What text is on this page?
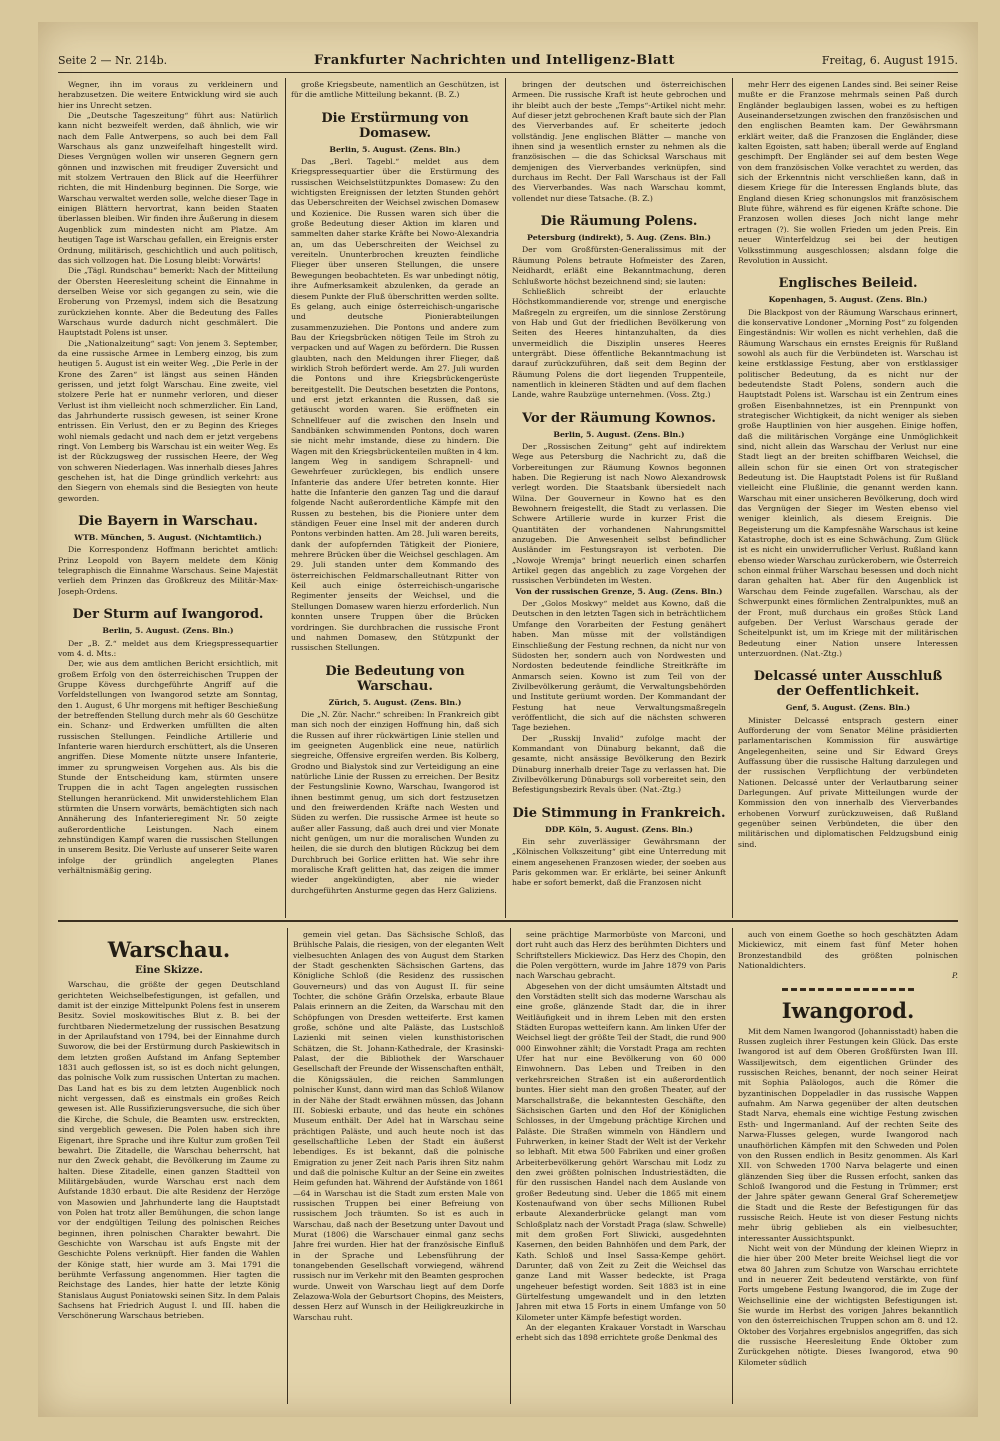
Seite 2 — Nr. 214b.	Frankfurter Nachrichten und Intelligenz-Blatt	Freitag, 6. August 1915.

Wegner, ihn im voraus zu verkleinern und herabzusetzen. Die weitere Entwicklung wird sie auch hier ins Unrecht setzen.

Die „Deutsche Tageszeitung“ führt aus: Natürlich kann nicht bezweifelt werden, daß ähnlich, wie wir nach dem Falle Antwerpens, so auch bei dem Fall Warschaus als ganz unzweifelhaft hingestellt wird. Dieses Vergnügen wollen wir unseren Gegnern gern gönnen und inzwischen mit freudiger Zuversicht und mit stolzem Vertrauen den Blick auf die Heerführer richten, die mit Hindenburg beginnen. Die Sorge, wie Warschau verwaltet werden solle, welche dieser Tage in einigen Blättern hervortrat, kann beiden Staaten überlassen bleiben. Wir finden ihre Äußerung in diesem Augenblick zum mindesten nicht am Platze. Am heutigen Tage ist Warschau gefallen, ein Ereignis erster Ordnung, militärisch, geschichtlich und auch politisch, das sich vollzogen hat. Die Losung bleibt: Vorwärts!

Die „Tägl. Rundschau“ bemerkt: Nach der Mitteilung der Obersten Heeresleitung scheint die Einnahme in derselben Weise vor sich gegangen zu sein, wie die Eroberung von Przemysl, indem sich die Besatzung zurückziehen konnte. Aber die Bedeutung des Falles Warschaus wurde dadurch nicht geschmälert. Die Hauptstadt Polens ist unser.

Die „Nationalzeitung“ sagt: Von jenem 3. September, da eine russische Armee in Lemberg einzog, bis zum heutigen 5. August ist ein weiter Weg. „Die Perle in der Krone des Zaren“ ist längst aus seinen Händen gerissen, und jetzt folgt Warschau. Eine zweite, viel stolzere Perle hat er nunmehr verloren, und dieser Verlust ist ihm vielleicht noch schmerzlicher. Ein Land, das Jahrhunderte russisch gewesen, ist seiner Krone entrissen. Ein Verlust, den er zu Beginn des Krieges wohl niemals gedacht und nach dem er jetzt vergebens ringt. Von Lemberg bis Warschau ist ein weiter Weg. Es ist der Rückzugsweg der russischen Heere, der Weg von schweren Niederlagen. Was innerhalb dieses Jahres geschehen ist, hat die Dinge gründlich verkehrt: aus den Siegern von ehemals sind die Besiegten von heute geworden.

Die Bayern in Warschau.
WTB. München, 5. August. (Nichtamtlich.)

Die Korrespondenz Hoffmann berichtet amtlich: Prinz Leopold von Bayern meldete dem König telegraphisch die Einnahme Warschaus. Seine Majestät verlieh dem Prinzen das Großkreuz des Militär-Max-Joseph-Ordens.

Der Sturm auf Iwangorod.
Berlin, 5. August. (Zens. Bln.)

Der „B. Z.“ meldet aus dem Kriegspressequartier vom 4. d. Mts.:

Der, wie aus dem amtlichen Bericht ersichtlich, mit großem Erfolg von den österreichischen Truppen der Gruppe Kövess durchgeführte Angriff auf die Vorfeldstellungen von Iwangorod setzte am Sonntag, den 1. August, 6 Uhr morgens mit heftiger Beschießung der betreffenden Stellung durch mehr als 60 Geschütze ein. Schanz- und Erdwerken umfüllten die alten russischen Stellungen. Feindliche Artillerie und Infanterie waren hierdurch erschüttert, als die Unseren angriffen. Diese Momente nützte unsere Infanterie, immer zu sprungweisen Vorgehen aus. Als bis die Stunde der Entscheidung kam, stürmten unsere Truppen die in acht Tagen angelegten russischen Stellungen heranrückend. Mit unwiderstehlichem Elan stürmten die Unsern vorwärts, bemächtigten sich nach Annäherung des Infanterieregiment Nr. 50 zeigte außerordentliche Leistungen. Nach einem zehnstündigen Kampf waren die russischen Stellungen in unserem Besitz. Die Verluste auf unserer Seite waren infolge der gründlich angelegten Planes verhältnismäßig gering.

große Kriegsbeute, namentlich an Geschützen, ist für die amtliche Mitteilung bekannt. (B. Z.)

Die Erstürmung von Domasew.
Berlin, 5. August. (Zens. Bln.)

Das „Berl. Tagebl.“ meldet aus dem Kriegspressequartier über die Erstürmung des russischen Weichselstützpunktes Domasew: Zu den wichtigsten Ereignissen der letzten Stunden gehört das Ueberschreiten der Weichsel zwischen Domasew und Kozienice. Die Russen waren sich über die große Bedeutung dieser Aktion im klaren und sammelten daher starke Kräfte bei Nowo-Alexandria an, um das Ueberschreiten der Weichsel zu vereiteln. Ununterbrochen kreuzten feindliche Flieger über unseren Stellungen, die unsere Bewegungen beobachteten. Es war unbedingt nötig, ihre Aufmerksamkeit abzulenken, da gerade an diesem Punkte der Fluß überschritten werden sollte. Es gelang, auch einige österreichisch-ungarische und deutsche Pionierabteilungen zusammenzuziehen. Die Pontons und andere zum Bau der Kriegsbrücken nötigen Teile im Stroh zu verpacken und auf Wagen zu befördern. Die Russen glaubten, nach den Meldungen ihrer Flieger, daß wirklich Stroh befördert werde. Am 27. Juli wurden die Pontons und ihre Kriegsbrückengerüste bereitgestellt. Die Deutschen besetzten die Pontons, und erst jetzt erkannten die Russen, daß sie getäuscht worden waren. Sie eröffneten ein Schnellfeuer auf die zwischen den Inseln und Sandbänken schwimmenden Pontons, doch waren sie nicht mehr imstande, diese zu hindern. Die Wagen mit den Kriegsbrückenteilen mußten in 4 km. langem Weg in sandigem Schrapnell- und Gewehrfeuer zurücklegen, bis endlich unsere Infanterie das andere Ufer betreten konnte. Hier hatte die Infanterie den ganzen Tag und die darauf folgende Nacht außerordentliche Kämpfe mit den Russen zu bestehen, bis die Pioniere unter dem ständigen Feuer eine Insel mit der anderen durch Pontons verbinden hatten. Am 28. Juli waren bereits, dank der aufopfernden Tätigkeit der Pioniere, mehrere Brücken über die Weichsel geschlagen. Am 29. Juli standen unter dem Kommando des österreichischen Feldmarschalleutnant Ritter von Keil auch einige österreichisch-ungarische Regimenter jenseits der Weichsel, und die Stellungen Domasew waren hierzu erforderlich. Nun konnten unsere Truppen über die Brücken vordringen. Sie durchbrachen die russische Front und nahmen Domasew, den Stützpunkt der russischen Stellungen.

Die Bedeutung von Warschau.
Zürich, 5. August. (Zens. Bln.)

Die „N. Zür. Nachr.“ schreiben: In Frankreich gibt man sich noch der einzigen Hoffnung hin, daß sich die Russen auf ihrer rückwärtigen Linie stellen und im geeigneten Augenblick eine neue, natürlich siegreiche, Offensive ergreifen werden. Bis Kolberg, Grodno und Bialystok sind zur Verteidigung an eine natürliche Linie der Russen zu erreichen. Der Besitz der Festungslinie Kowno, Warschau, Iwangorod ist ihnen bestimmt genug, um sich dort festzusetzen und den freiwerdenden Kräfte nach Westen und Süden zu werfen. Die russische Armee ist heute so außer aller Fassung, daß auch drei und vier Monate nicht genügen, um nur die moralischen Wunden zu heilen, die sie durch den blutigen Rückzug bei dem Durchbruch bei Gorlice erlitten hat. Wie sehr ihre moralische Kraft gelitten hat, das zeigen die immer wieder angekündigten, aber nie wieder durchgeführten Ansturme gegen das Herz Galiziens.

bringen der deutschen und österreichischen Armeen. Die russische Kraft ist heute gebrochen und ihr bleibt auch der beste „Temps“-Artikel nicht mehr. Auf dieser jetzt gebrochenen Kraft baute sich der Plan des Vierverbandes auf. Er scheiterte jedoch vollständig. Jene englischen Blätter — manche von ihnen sind ja wesentlich ernster zu nehmen als die französischen — die das Schicksal Warschaus mit demjenigen des Vierverbandes verknüpfen, sind durchaus im Recht. Der Fall Warschaus ist der Fall des Vierverbandes. Was nach Warschau kommt, vollendet nur diese Tatsache. (B. Z.)

Die Räumung Polens.
Petersburg (indirekt), 5. Aug. (Zens. Bln.)

Der vom Großfürsten-Generalissimus mit der Räumung Polens betraute Hofmeister des Zaren, Neidhardt, erläßt eine Bekanntmachung, deren Schlußworte höchst bezeichnend sind; sie lauten:

Schließlich schreibt der erlauchte Höchstkommandierende vor, strenge und energische Maßregeln zu ergreifen, um die sinnlose Zerstörung von Hab und Gut der friedlichen Bevölkerung von Seiten des Heeres hintanzuhalten, da dies unvermeidlich die Disziplin unseres Heeres untergräbt. Diese öffentliche Bekanntmachung ist darauf zurückzuführen, daß seit dem Beginn der Räumung Polens die dort liegenden Truppenteile, namentlich in kleineren Städten und auf dem flachen Lande, wahre Raubzüge unternehmen. (Voss. Ztg.)

Vor der Räumung Kownos.
Berlin, 5. August. (Zens. Bln.)

Der „Rossischen Zeitung“ geht auf indirektem Wege aus Petersburg die Nachricht zu, daß die Vorbereitungen zur Räumung Kownos begonnen haben. Die Regierung ist nach Nowo Alexandrowsk verlegt worden. Die Staatsbank übersiedelt nach Wilna. Der Gouverneur in Kowno hat es den Bewohnern freigestellt, die Stadt zu verlassen. Die Schwere Artillerie wurde in kurzer Frist die Quantitäten der vorhandenen Nahrungsmittel anzugeben. Die Anwesenheit selbst befindlicher Ausländer im Festungsrayon ist verboten. Die „Nowoje Wremja“ bringt neuerlich einen scharfen Artikel gegen das angeblich zu zage Vorgehen der russischen Verbündeten im Westen.

Von der russischen Grenze, 5. Aug. (Zens. Bln.)

Der „Golos Moskwy“ meldet aus Kowno, daß die Deutschen in den letzten Tagen sich in beträchtlichem Umfange den Vorarbeiten der Festung genähert haben. Man müsse mit der vollständigen Einschließung der Festung rechnen, da nicht nur von Südosten her, sondern auch von Nordwesten und Nordosten bedeutende feindliche Streitkräfte im Anmarsch seien. Kowno ist zum Teil von der Zivilbevölkerung geräumt, die Verwaltungsbehörden und Institute gerüumt worden. Der Kommandant der Festung hat neue Verwaltungsmaßregeln veröffentlicht, die sich auf die nächsten schweren Tage beziehen.

Der „Russkij Invalid“ zufolge macht der Kommandant von Dünaburg bekannt, daß die gesamte, nicht ansässige Bevölkerung den Bezirk Dünaburg innerhalb dreier Tage zu verlassen hat. Die Zivilbevölkerung Dünaburgs soll vorbereitet sein, den Befestigungsbezirk Revals über. (Nat.-Ztg.)

Die Stimmung in Frankreich.
DDP. Köln, 5. August. (Zens. Bln.)

Ein sehr zuverlässiger Gewährsmann der „Kölnischen Volkszeitung“ gibt eine Unterredung mit einem angesehenen Franzosen wieder, der soeben aus Paris gekommen war. Er erklärte, bei seiner Ankunft habe er sofort bemerkt, daß die Franzosen nicht

mehr Herr des eigenen Landes sind. Bei seiner Reise mußte er die Franzose mehrmals seinen Paß durch Engländer beglaubigen lassen, wobei es zu heftigen Auseinandersetzungen zwischen den französischen und den englischen Beamten kam. Der Gewährsmann erklärt weiter, daß die Franzosen die Engländer, diese kalten Egoisten, satt haben; überall werde auf England geschimpft. Der Engländer sei auf dem besten Wege von dem französischen Volke verachtet zu werden, das sich der Erkenntnis nicht verschließen kann, daß in diesem Kriege für die Interessen Englands blute, das England diesen Krieg schonungslos mit französischem Blute führe, während es für eigenen Kräfte schone. Die Franzosen wollen dieses Joch nicht lange mehr ertragen (?). Sie wollen Frieden um jeden Preis. Ein neuer Winterfeldzug sei bei der heutigen Volksstimmung ausgeschlossen; alsdann folge die Revolution in Aussicht.

Englisches Beileid.
Kopenhagen, 5. August. (Zens. Bln.)

Die Blackpost von der Räumung Warschaus erinnert, die konservative Londoner „Morning Post“ zu folgenden Eingeständnis: Wir wollen es nicht verhehlen, daß die Räumung Warschaus ein ernstes Ereignis für Rußland sowohl als auch für die Verbündeten ist. Warschau ist keine erstklassige Festung, aber von erstklassiger politischer Bedeutung, da es nicht nur der bedeutendste Stadt Polens, sondern auch die Hauptstadt Polens ist. Warschau ist ein Zentrum eines großen Eisenbahnnetzes, ist ein Prennpunkt von strategischer Wichtigkeit, da nicht weniger als sieben große Hauptlinien von hier ausgehen. Einige hoffen, daß die militärischen Vorgänge eine Unmöglichkeit sind, nicht allein das Warschau der Verlust nur eine Stadt liegt an der breiten schiffbaren Weichsel, die allein schon für sie einen Ort von strategischer Bedeutung ist. Die Hauptstadt Polens ist für Rußland vielleicht eine Flußlinie, die genannt werden kann. Warschau mit einer unsicheren Bevölkerung, doch wird das Vergnügen der Sieger im Westen ebenso viel weniger kleinlich, als diesem Ereignis. Die Begeisterung um die Kampfesnähe Warschaus ist keine Katastrophe, doch ist es eine Schwächung. Zum Glück ist es nicht ein unwiderruflicher Verlust. Rußland kann ebenso wieder Warschau zurückerobern, wie Österreich schon einmal früher Warschau besessen und doch nicht daran gehalten hat. Aber für den Augenblick ist Warschau dem Feinde zugefallen. Warschau, als der Schwerpunkt eines förmlichen Zentralpunktes, muß an der Front, muß durchaus ein großes Stück Land aufgeben. Der Verlust Warschaus gerade der Scheitelpunkt ist, um im Kriege mit der militärischen Bedeutung einer Nation unsere Interessen unterzuordnen. (Nat.-Ztg.)

Delcassé unter Ausschluß
der Oeffentlichkeit.
Genf, 5. August. (Zens. Bln.)

Minister Delcassé entsprach gestern einer Aufforderung der vom Senator Méline präsidierten parlamentarischen Kommission für auswärtige Angelegenheiten, seine und Sir Edward Greys Auffassung über die russische Haltung darzulegen und der russischen Verpflichtung der verbündeten Nationen. Delcassé unter der Verlautbarung seiner Darlegungen. Auf private Mitteilungen wurde der Kommission den von innerhalb des Vierverbandes erhobenen Vorwurf zurückzuweisen, daß Rußland gegenüber seinen Verbündeten, die über den militärischen und diplomatischen Feldzugsbund einig sind.

Warschau.
Eine Skizze.

Warschau, die größte der gegen Deutschland gerichteten Weichselbefestigungen, ist gefallen, und damit ist der einzige Mittelpunkt Polens fest in unserem Besitz. Soviel moskowitisches Blut z. B. bei der furchtbaren Niedermetzelung der russischen Besatzung in der Aprilaufstand von 1794, bei der Einnahme durch Suworow, die bei der Erstürmung durch Paskiewitsch in dem letzten großen Aufstand im Anfang September 1831 auch geflossen ist, so ist es doch nicht gelungen, das polnische Volk zum russischen Untertan zu machen. Das Land hat es bis zu dem letzten Augenblick noch nicht vergessen, daß es einstmals ein großes Reich gewesen ist. Alle Russifizierungsversuche, die sich über die Kirche, die Schule, die Beamten usw. erstreckten, sind vergeblich gewesen. Die Polen haben sich ihre Eigenart, ihre Sprache und ihre Kultur zum großen Teil bewahrt. Die Zitadelle, die Warschau beherrscht, hat nur den Zweck gehabt, die Bevölkerung im Zaume zu halten. Diese Zitadelle, einen ganzen Stadtteil von Militärgebäuden, wurde Warschau erst nach dem Aufstande 1830 erbaut. Die alte Residenz der Herzöge von Masowien und Jahrhunderte lang die Hauptstadt von Polen hat trotz aller Bemühungen, die schon lange vor der endgültigen Teilung des polnischen Reiches beginnen, ihren polnischen Charakter bewahrt. Die Geschichte von Warschau ist aufs Engste mit der Geschichte Polens verknüpft. Hier fanden die Wahlen der Könige statt, hier wurde am 3. Mai 1791 die berühmte Verfassung angenommen. Hier tagten die Reichstage des Landes, hier hatte der letzte König Stanislaus August Poniatowski seinen Sitz. In dem Palais Sachsens hat Friedrich August I. und III. haben die Verschönerung Warschaus betrieben.

gemein viel getan. Das Sächsische Schloß, das Brühlsche Palais, die riesigen, von der eleganten Welt vielbesuchten Anlagen des von August dem Starken der Stadt geschenkten Sächsischen Gartens, das Königliche Schloß (die Residenz des russischen Gouverneurs) und das von August II. für seine Tochter, die schöne Gräfin Orzelska, erbaute Blaue Palais erinnern an die Zeiten, da Warschau mit den Schöpfungen von Dresden wetteiferte. Erst kamen große, schöne und alte Paläste, das Lustschloß Lazienki mit seinen vielen kunsthistorischen Schätzen, die St. Johann-Kathedrale, der Krasinski-Palast, der die Bibliothek der Warschauer Gesellschaft der Freunde der Wissenschaften enthält, die Königssäulen, die reichen Sammlungen polnischer Kunst, dann wird man das Schloß Wilanow in der Nähe der Stadt erwähnen müssen, das Johann III. Sobieski erbaute, und das heute ein schönes Museum enthält. Der Adel hat in Warschau seine prächtigen Paläste, und auch heute noch ist das gesellschaftliche Leben der Stadt ein äußerst lebendiges. Es ist bekannt, daß die polnische Emigration zu jener Zeit nach Paris ihren Sitz nahm und daß die polnische Kultur an der Seine ein zweites Heim gefunden hat. Während der Aufstände von 1861—64 in Warschau ist die Stadt zum ersten Male von russischen Truppen bei einer Befreiung von russischem Joch träumten. So ist es auch in Warschau, daß nach der Besetzung unter Davout und Murat (1806) die Warschauer einmal ganz sechs Jahre frei wurden. Hier hat der französische Einfluß in der Sprache und Lebensführung der tonangebenden Gesellschaft vorwiegend, während russisch nur im Verkehr mit den Beamten gesprochen wurde. Unweit von Warschau liegt auf dem Dorfe Zelazowa-Wola der Geburtsort Chopins, des Meisters, dessen Herz auf Wunsch in der Heiligkreuzkirche in Warschau ruht.

seine prächtige Marmorbüste von Marconi, und dort ruht auch das Herz des berühmten Dichters und Schriftstellers Mickiewicz. Das Herz des Chopin, den die Polen vergöttern, wurde im Jahre 1879 von Paris nach Warschau gebracht.

Abgesehen von der dicht umsäumten Altstadt und den Vorstädten stellt sich das moderne Warschau als eine große, glänzende Stadt dar, die in ihrer Weitläufigkeit und in ihrem Leben mit den ersten Städten Europas wetteifern kann. Am linken Ufer der Weichsel liegt der größte Teil der Stadt, die rund 900 000 Einwohner zählt; die Vorstadt Praga am rechten Ufer hat nur eine Bevölkerung von 60 000 Einwohnern. Das Leben und Treiben in den verkehrsreichen Straßen ist ein außerordentlich buntes. Hier sieht man den großen Theater, auf der Marschallstraße, die bekanntesten Geschäfte, den Sächsischen Garten und den Hof der Königlichen Schlosses, in der Umgebung prächtige Kirchen und Paläste. Die Straßen wimmeln von Händlern und Fuhrwerken, in keiner Stadt der Welt ist der Verkehr so lebhaft. Mit etwa 500 Fabriken und einer großen Arbeiterbevölkerung gehört Warschau mit Lodz zu den zwei größten polnischen Industriestädten, die für den russischen Handel nach dem Auslande von großer Bedeutung sind. Ueber die 1865 mit einem Kostenaufwand von über sechs Millionen Rubel erbaute Alexanderbrücke gelangt man vom Schloßplatz nach der Vorstadt Praga (slaw. Schwelle) mit dem großen Fort Sliwicki, ausgedehnten Kasernen, den beiden Bahnhöfen und dem Park, der Kath. Schloß und Insel Sassa-Kempe gehört. Darunter, daß von Zeit zu Zeit die Weichsel das ganze Land mit Wasser bedeckte, ist Praga ungeheuer befestigt worden. Seit 1883 ist in eine Gürtelfestung umgewandelt und in den letzten Jahren mit etwa 15 Forts in einem Umfange von 50 Kilometer unter Kämpfe befestigt worden.

An der eleganten Krakauer Vorstadt in Warschau erhebt sich das 1898 errichtete große Denkmal des

auch von einem Goethe so hoch geschätzten Adam Mickiewicz, mit einem fast fünf Meter hohen Bronzestandbild des größten polnischen Nationaldichters.

P.
Iwangorod.

Mit dem Namen Iwangorod (Johannisstadt) haben die Russen zugleich ihrer Festungen kein Glück. Das erste Iwangorod ist auf dem Oberen Großfürsten Iwan III. Wassiljewitsch, dem eigentlichen Gründer des russischen Reiches, benannt, der noch seiner Heirat mit Sophia Paläologos, auch die Römer die byzantinischen Doppeladler in das russische Wappen aufnahm. Am Narwa gegenüber der alten deutschen Stadt Narva, ehemals eine wichtige Festung zwischen Esth- und Ingermanland. Auf der rechten Seite des Narwa-Flusses gelegen, wurde Iwangorod nach unaufhörlichen Kämpfen mit den Schweden und Polen von den Russen endlich in Besitz genommen. Als Karl XII. von Schweden 1700 Narva belagerte und einen glänzenden Sieg über die Russen erfocht, sanken das Schloß Iwangorod und die Festung in Trümmer; erst der Jahre später gewann General Graf Scheremetjew die Stadt und die Reste der Befestigungen für das russische Reich. Heute ist von dieser Festung nichts mehr übrig geblieben als ein vielbesuchter, interessanter Aussichtspunkt.

Nicht weit von der Mündung der kleinen Wieprz in die hier über 200 Meter breite Weichsel liegt die vor etwa 80 Jahren zum Schutze von Warschau errichtete und in neuerer Zeit bedeutend verstärkte, von fünf Forts umgebene Festung Iwangorod, die im Zuge der Weichsellinie eine der wichtigsten Befestigungen ist. Sie wurde im Herbst des vorigen Jahres bekanntlich von den österreichischen Truppen schon am 8. und 12. Oktober des Vorjahres ergebnislos angegriffen, das sich die russische Heeresleitung Ende Oktober zum Zurückgehen nötigte. Dieses Iwangorod, etwa 90 Kilometer südlich
